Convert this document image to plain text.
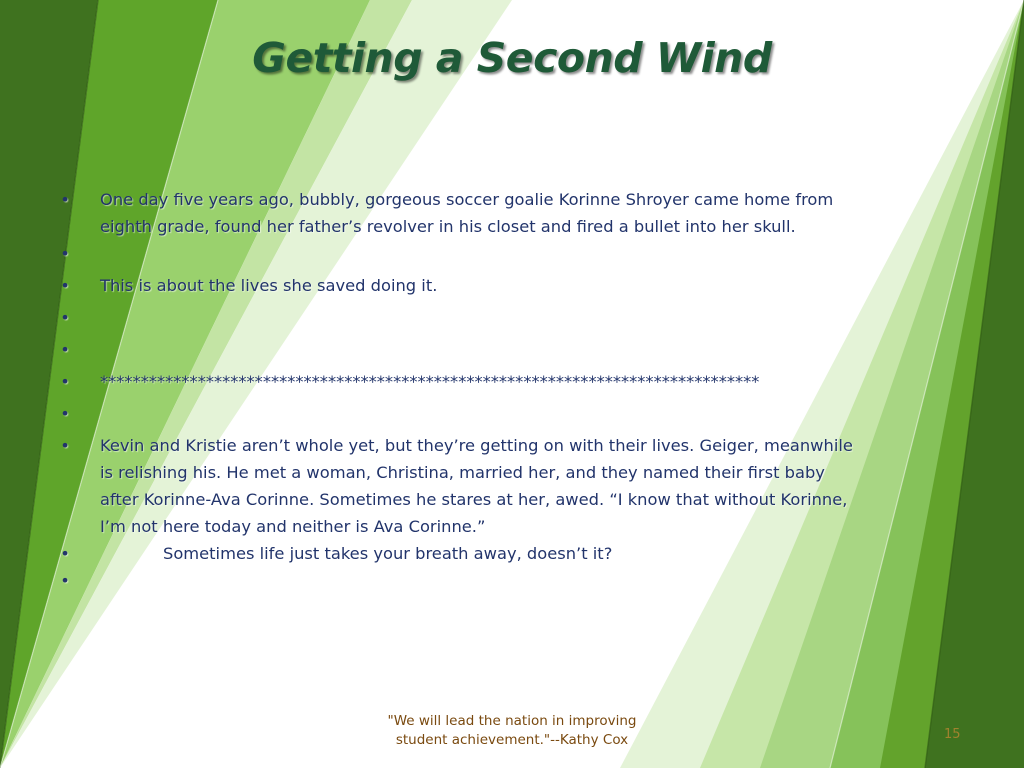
Getting a Second Wind
• One day five years ago, bubbly, gorgeous soccer goalie Korinne Shroyer came home from eighth grade, found her father’s revolver in his closet and fired a bullet into her skull.
•
• This is about the lives she saved doing it.
•
•
• *********************************************************************************
•
• Kevin and Kristie aren’t whole yet, but they’re getting on with their lives. Geiger, meanwhile is relishing his. He met a woman, Christina, married her, and they named their first baby after Korinne-Ava Corinne. Sometimes he stares at her, awed. “I know that without Korinne, I’m not here today and neither is Ava Corinne.”
•	Sometimes life just takes your breath away, doesn’t it?
•
"We will lead the nation in improving
student achievement."--Kathy Cox	15
